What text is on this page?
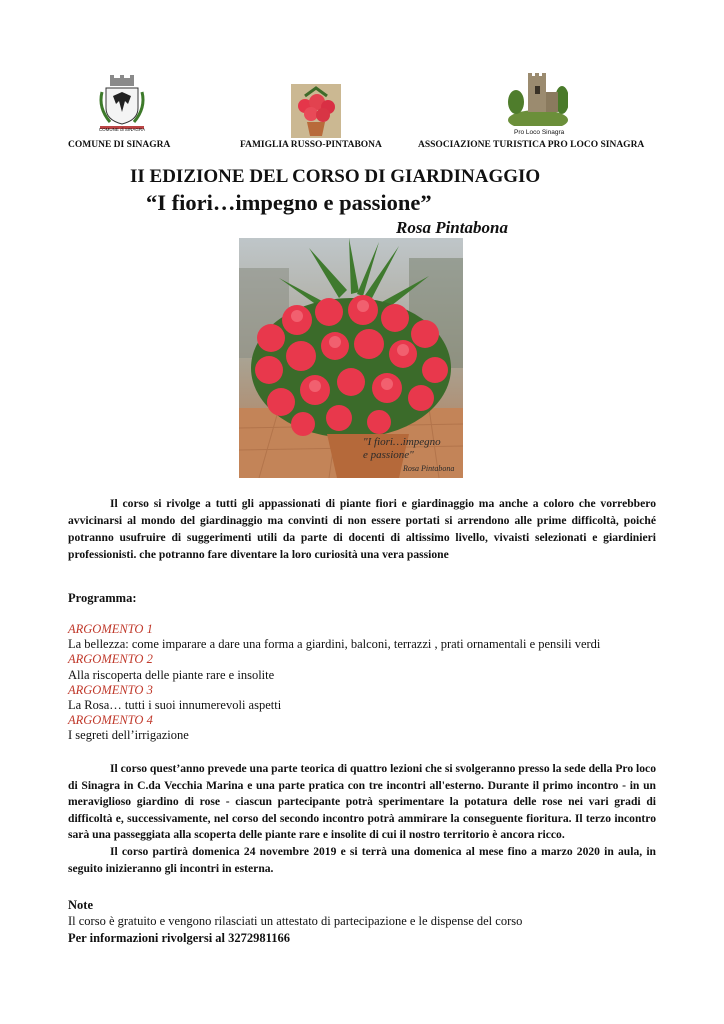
COMUNE di SINAGRA
COMUNE DI SINAGRA	FAMIGLIA RUSSO-PINTABONA
Pro Loco Sinagra
ASSOCIAZIONE TURISTICA PRO LOCO SINAGRA
II EDIZIONE DEL CORSO DI GIARDINAGGIO
“I fiori…impegno e passione”
Rosa Pintabona
"I fiori…impegno
e passione"
Rosa Pintabona

Il corso si rivolge a tutti gli appassionati di piante fiori e giardinaggio ma anche a coloro che vorrebbero avvicinarsi al mondo del giardinaggio ma convinti di non essere portati si arrendono alle prime difficoltà, poiché potranno usufruire di suggerimenti utili da parte di docenti di altissimo livello, vivaisti selezionati e giardinieri professionisti. che potranno fare diventare la loro curiosità una vera passione

Programma:
ARGOMENTO 1
La bellezza: come imparare a dare una forma a giardini, balconi, terrazzi , prati ornamentali e pensili verdi
ARGOMENTO 2
Alla riscoperta delle piante rare e insolite
ARGOMENTO 3
La Rosa… tutti i suoi innumerevoli aspetti
ARGOMENTO 4
I segreti dell’irrigazione

Il corso quest’anno prevede una parte teorica di quattro lezioni che si svolgeranno presso la sede della Pro loco di Sinagra in C.da Vecchia Marina e una parte pratica con tre incontri all'esterno. Durante il primo incontro - in un meraviglioso giardino di rose - ciascun partecipante potrà sperimentare la potatura delle rose nei vari gradi di difficoltà e, successivamente, nel corso del secondo incontro potrà ammirare la conseguente fioritura. Il terzo incontro sarà una passeggiata alla scoperta delle piante rare e insolite di cui il nostro territorio è ancora ricco.

Il corso partirà domenica 24 novembre 2019 e si terrà una domenica al mese fino a marzo 2020 in aula, in seguito inizieranno gli incontri in esterna.

Note
Il corso è gratuito e vengono rilasciati un attestato di partecipazione e le dispense del corso
Per informazioni rivolgersi al 3272981166
